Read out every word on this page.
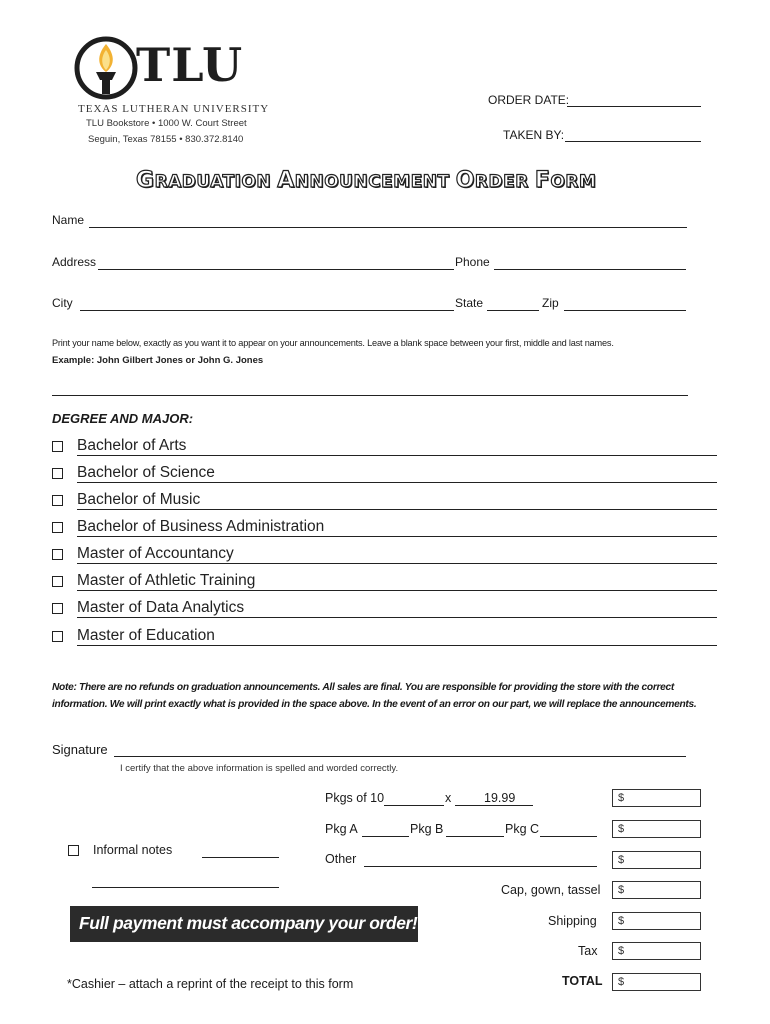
TLU
TEXAS LUTHERAN UNIVERSITY
TLU Bookstore • 1000 W. Court Street
Seguin, Texas 78155 • 830.372.8140
ORDER DATE:
TAKEN BY:
GRADUATION ANNOUNCEMENT ORDER FORM
Name
Address	Phone
City	State	Zip
Print your name below, exactly as you want it to appear on your announcements. Leave a blank space between your first, middle and last names.
Example: John Gilbert Jones or John G. Jones
DEGREE AND MAJOR:
Bachelor of Arts
Bachelor of Science
Bachelor of Music
Bachelor of Business Administration
Master of Accountancy
Master of Athletic Training
Master of Data Analytics
Master of Education
Note: There are no refunds on graduation announcements. All sales are final. You are responsible for providing the store with the correct information. We will print exactly what is provided in the space above. In the event of an error on our part, we will replace the announcements.
Signature
I certify that the above information is spelled and worded correctly.
Pkgs of 10	x	19.99	$
Pkg A	Pkg B	Pkg C	$
Informal notes
Other	$
Cap, gown, tassel	$
Full payment must accompany your order!	Shipping	$
Tax	$
*Cashier – attach a reprint of the receipt to this form	TOTAL	$
